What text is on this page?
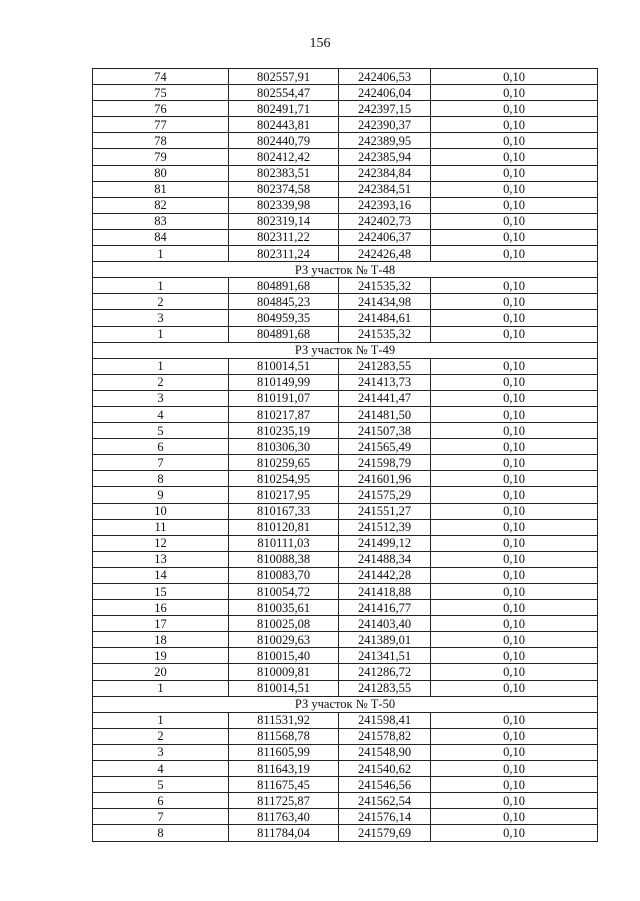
156
74	802557,91	242406,53	0,10
75	802554,47	242406,04	0,10
76	802491,71	242397,15	0,10
77	802443,81	242390,37	0,10
78	802440,79	242389,95	0,10
79	802412,42	242385,94	0,10
80	802383,51	242384,84	0,10
81	802374,58	242384,51	0,10
82	802339,98	242393,16	0,10
83	802319,14	242402,73	0,10
84	802311,22	242406,37	0,10
1	802311,24	242426,48	0,10
РЗ участок № Т-48			
1	804891,68	241535,32	0,10
2	804845,23	241434,98	0,10
3	804959,35	241484,61	0,10
1	804891,68	241535,32	0,10
РЗ участок № Т-49			
1	810014,51	241283,55	0,10
2	810149,99	241413,73	0,10
3	810191,07	241441,47	0,10
4	810217,87	241481,50	0,10
5	810235,19	241507,38	0,10
6	810306,30	241565,49	0,10
7	810259,65	241598,79	0,10
8	810254,95	241601,96	0,10
9	810217,95	241575,29	0,10
10	810167,33	241551,27	0,10
11	810120,81	241512,39	0,10
12	810111,03	241499,12	0,10
13	810088,38	241488,34	0,10
14	810083,70	241442,28	0,10
15	810054,72	241418,88	0,10
16	810035,61	241416,77	0,10
17	810025,08	241403,40	0,10
18	810029,63	241389,01	0,10
19	810015,40	241341,51	0,10
20	810009,81	241286,72	0,10
1	810014,51	241283,55	0,10
РЗ участок № Т-50			
1	811531,92	241598,41	0,10
2	811568,78	241578,82	0,10
3	811605,99	241548,90	0,10
4	811643,19	241540,62	0,10
5	811675,45	241546,56	0,10
6	811725,87	241562,54	0,10
7	811763,40	241576,14	0,10
8	811784,04	241579,69	0,10
